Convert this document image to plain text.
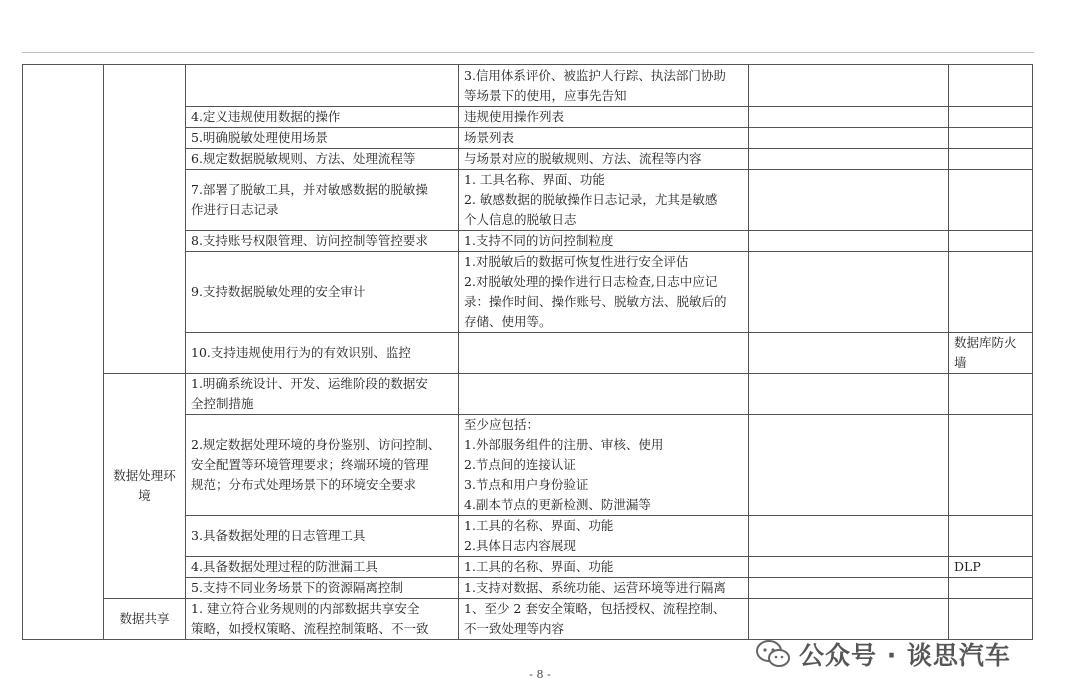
			3.信用体系评价、被监护人行踪、执法部门协助
等场景下的使用，应事先告知		

		4.定义违规使用数据的操作	违规使用操作列表		

		5.明确脱敏处理使用场景	场景列表		

		6.规定数据脱敏规则、方法、处理流程等	与场景对应的脱敏规则、方法、流程等内容		

		7.部署了脱敏工具，并对敏感数据的脱敏操
作进行日志记录	1. 工具名称、界面、功能
2. 敏感数据的脱敏操作日志记录，尤其是敏感
个人信息的脱敏日志		

		8.支持账号权限管理、访问控制等管控要求	1.支持不同的访问控制粒度		

		9.支持数据脱敏处理的安全审计	1.对脱敏后的数据可恢复性进行安全评估
2.对脱敏处理的操作进行日志检查,日志中应记
录：操作时间、操作账号、脱敏方法、脱敏后的
存储、使用等。		

		10.支持违规使用行为的有效识别、监控			数据库防火
墙

	数据处理环
境	1.明确系统设计、开发、运维阶段的数据安
全控制措施			

		2.规定数据处理环境的身份鉴别、访问控制、
安全配置等环境管理要求；终端环境的管理
规范；分布式处理场景下的环境安全要求	至少应包括：
1.外部服务组件的注册、审核、使用
2.节点间的连接认证
3.节点和用户身份验证
4.副本节点的更新检测、防泄漏等		

		3.具备数据处理的日志管理工具	1.工具的名称、界面、功能
2.具体日志内容展现		

		4.具备数据处理过程的防泄漏工具	1.工具的名称、界面、功能		DLP

		5.支持不同业务场景下的资源隔离控制	1.支持对数据、系统功能、运营环境等进行隔离		

	数据共享	1. 建立符合业务规则的内部数据共享安全
策略，如授权策略、流程控制策略、不一致	1、至少 2 套安全策略，包括授权、流程控制、
不一致处理等内容		

- 8 -
公众号 · 谈思汽车
